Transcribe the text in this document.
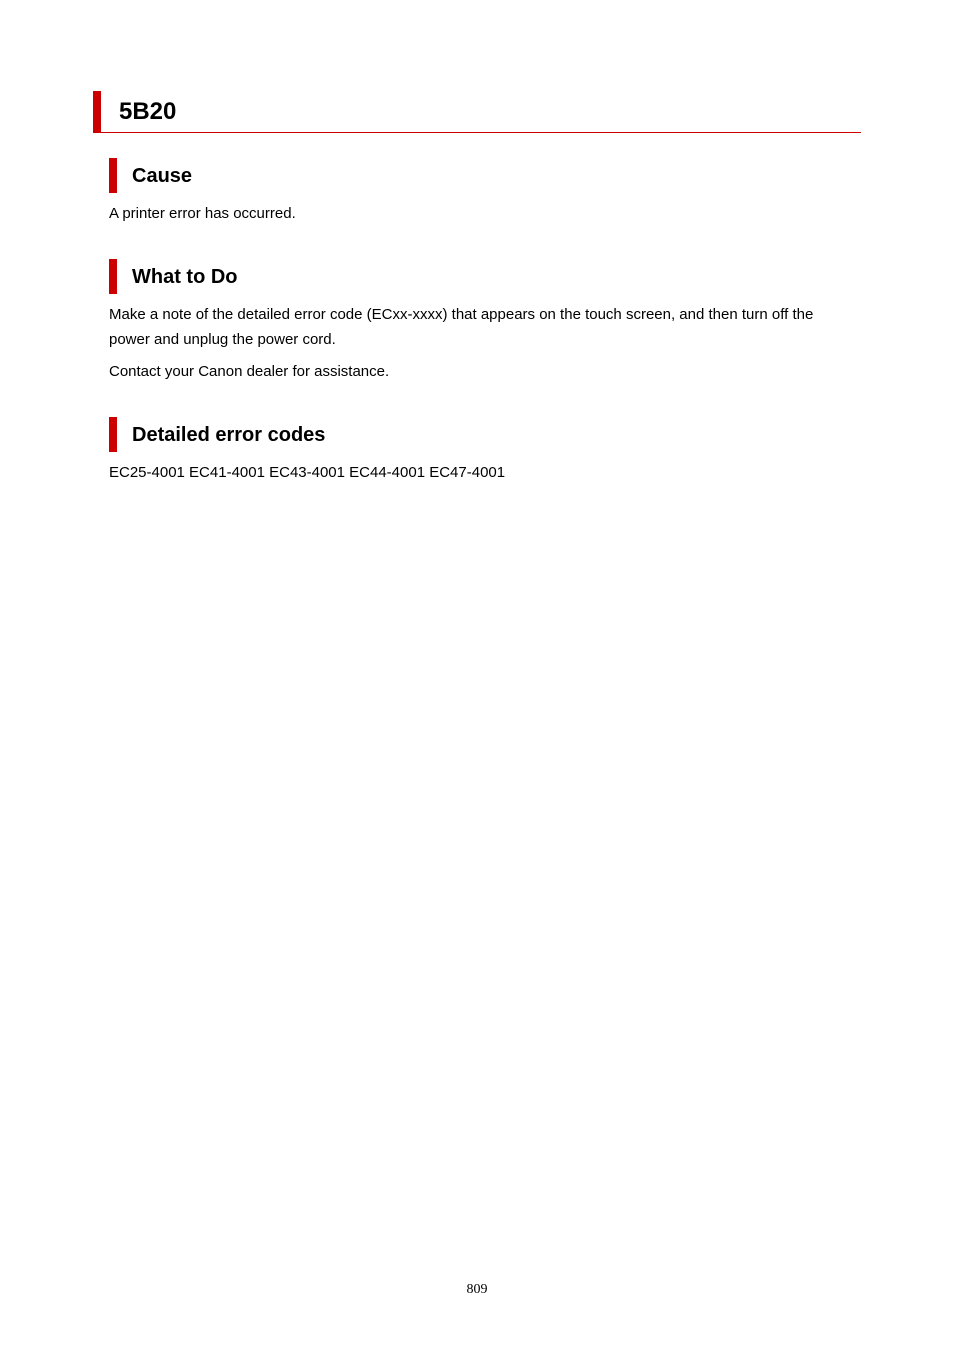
5B20
Cause
A printer error has occurred.
What to Do
Make a note of the detailed error code (ECxx-xxxx) that appears on the touch screen, and then turn off the power and unplug the power cord.
Contact your Canon dealer for assistance.
Detailed error codes
EC25-4001 EC41-4001 EC43-4001 EC44-4001 EC47-4001
809
